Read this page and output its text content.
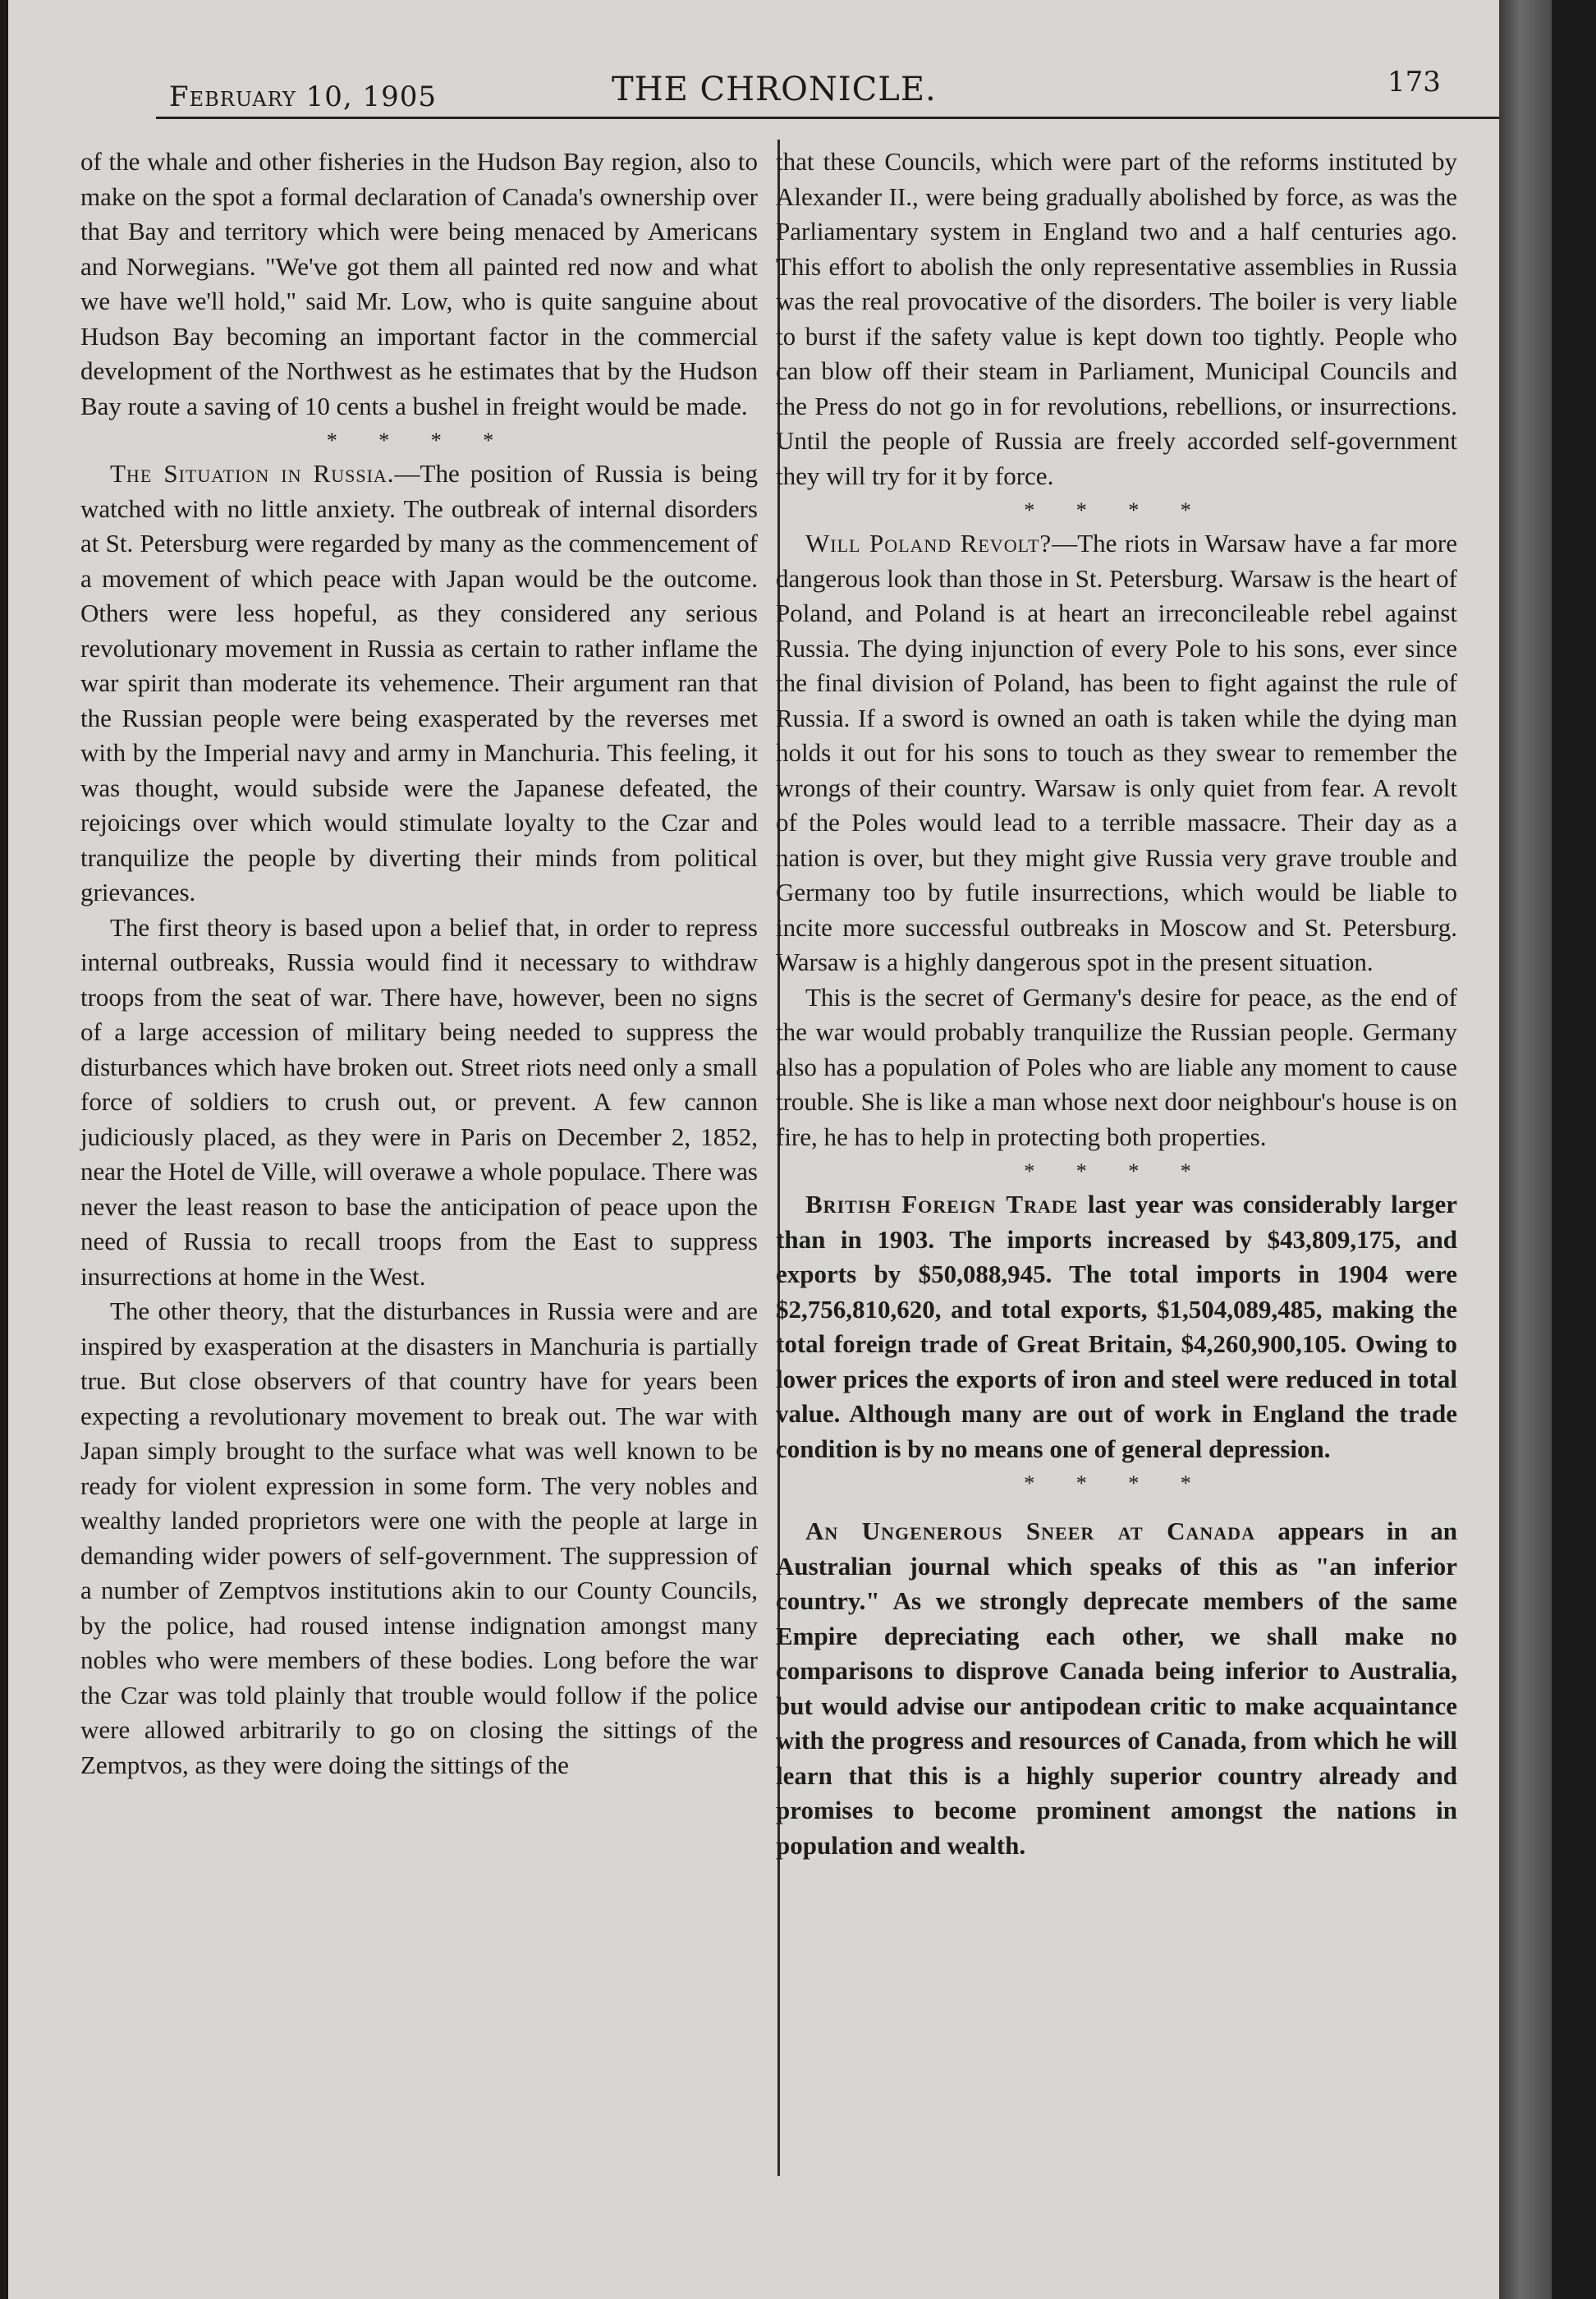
February 10, 1905	THE CHRONICLE.	173

of the whale and other fisheries in the Hudson Bay region, also to make on the spot a formal declaration of Canada's ownership over that Bay and territory which were being menaced by Americans and Norwegians. "We've got them all painted red now and what we have we'll hold," said Mr. Low, who is quite sanguine about Hudson Bay becoming an important factor in the commercial development of the Northwest as he estimates that by the Hudson Bay route a saving of 10 cents a bushel in freight would be made.

* * * *

The Situation in Russia.—The position of Russia is being watched with no little anxiety. The outbreak of internal disorders at St. Petersburg were regarded by many as the commencement of a movement of which peace with Japan would be the outcome. Others were less hopeful, as they considered any serious revolutionary movement in Russia as certain to rather inflame the war spirit than moderate its vehemence. Their argument ran that the Russian people were being exasperated by the reverses met with by the Imperial navy and army in Manchuria. This feeling, it was thought, would subside were the Japanese defeated, the rejoicings over which would stimulate loyalty to the Czar and tranquilize the people by diverting their minds from political grievances.

The first theory is based upon a belief that, in order to repress internal outbreaks, Russia would find it necessary to withdraw troops from the seat of war. There have, however, been no signs of a large accession of military being needed to suppress the disturbances which have broken out. Street riots need only a small force of soldiers to crush out, or prevent. A few cannon judiciously placed, as they were in Paris on December 2, 1852, near the Hotel de Ville, will overawe a whole populace. There was never the least reason to base the anticipation of peace upon the need of Russia to recall troops from the East to suppress insurrections at home in the West.

The other theory, that the disturbances in Russia were and are inspired by exasperation at the disasters in Manchuria is partially true. But close observers of that country have for years been expecting a revolutionary movement to break out. The war with Japan simply brought to the surface what was well known to be ready for violent expression in some form. The very nobles and wealthy landed proprietors were one with the people at large in demanding wider powers of self-government. The suppression of a number of Zemptvos institutions akin to our County Councils, by the police, had roused intense indignation amongst many nobles who were members of these bodies. Long before the war the Czar was told plainly that trouble would follow if the police were allowed arbitrarily to go on closing the sittings of the Zemptvos, as they were doing the sittings of the

that these Councils, which were part of the reforms instituted by Alexander II., were being gradually abolished by force, as was the Parliamentary system in England two and a half centuries ago. This effort to abolish the only representative assemblies in Russia was the real provocative of the disorders. The boiler is very liable to burst if the safety value is kept down too tightly. People who can blow off their steam in Parliament, Municipal Councils and the Press do not go in for revolutions, rebellions, or insurrections. Until the people of Russia are freely accorded self-government they will try for it by force.

* * * *

Will Poland Revolt?—The riots in Warsaw have a far more dangerous look than those in St. Petersburg. Warsaw is the heart of Poland, and Poland is at heart an irreconcileable rebel against Russia. The dying injunction of every Pole to his sons, ever since the final division of Poland, has been to fight against the rule of Russia. If a sword is owned an oath is taken while the dying man holds it out for his sons to touch as they swear to remember the wrongs of their country. Warsaw is only quiet from fear. A revolt of the Poles would lead to a terrible massacre. Their day as a nation is over, but they might give Russia very grave trouble and Germany too by futile insurrections, which would be liable to incite more successful outbreaks in Moscow and St. Petersburg. Warsaw is a highly dangerous spot in the present situation.

This is the secret of Germany's desire for peace, as the end of the war would probably tranquilize the Russian people. Germany also has a population of Poles who are liable any moment to cause trouble. She is like a man whose next door neighbour's house is on fire, he has to help in protecting both properties.

* * * *

British Foreign Trade last year was considerably larger than in 1903. The imports increased by $43,809,175, and exports by $50,088,945. The total imports in 1904 were $2,756,810,620, and total exports, $1,504,089,485, making the total foreign trade of Great Britain, $4,260,900,105. Owing to lower prices the exports of iron and steel were reduced in total value. Although many are out of work in England the trade condition is by no means one of general depression.

* * * *

An Ungenerous Sneer at Canada appears in an Australian journal which speaks of this as "an inferior country." As we strongly deprecate members of the same Empire depreciating each other, we shall make no comparisons to disprove Canada being inferior to Australia, but would advise our antipodean critic to make acquaintance with the progress and resources of Canada, from which he will learn that this is a highly superior country already and promises to become prominent amongst the nations in population and wealth.
